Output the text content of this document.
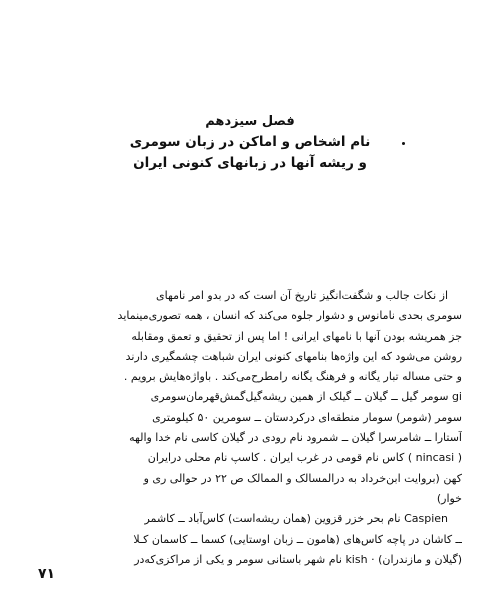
فصل سیزدهم
نام اشخاص و اماکن در زبان سومری
و ریشه آنها در زبانهای کنونی ایران

از نکات جالب و شگفت‌انگیز تاریخ آن است که در بدو امر نامهای

سومری بحدی نامانوس و دشوار جلوه می‌کند که انسان ، همه تصوری‌مینماید

جز همریشه بودن آنها با نامهای ایرانی ! اما پس از تحقیق و تعمق ومقابله

روشن می‌شود که این واژه‌ها بنامهای کنونی ایران شباهت چشمگیری دارند

و حتی مساله تبار یگانه و فرهنگ یگانه رامطرح‌می‌کند . باواژه‌هایش برویم .

gi سومر گیل ــ گیلان ــ گیلک از همین ریشه‌گیل‌گمش‌قهرمان‌سومری

سومر (شومر) سومار منطقه‌ای درکردستان ــ سومرین ۵۰ کیلومتری

آستارا ــ شامرسرا گیلان ــ شمرود نام رودی در گیلان کاسی نام خدا والهه

( nincasi ) کاس نام قومی در غرب ایران . کاسپ نام محلی درایران

کهن (بروایت ابن‌خرداد به درالمسالک و الممالک ص ۲۲ در حوالی ری و

خوار)

Caspien نام بحر خزر قزوین (همان ریشه‌است) کاس‌آباد ــ کاشمر

ــ کاشان در پاچه کاس‌های (هامون ــ زبان اوستایی) کسما ــ کاسمان کـلا

(گیلان و مازندران) · kish نام شهر باستانی سومر و یکی از مراکزی‌که‌در

۷۱
